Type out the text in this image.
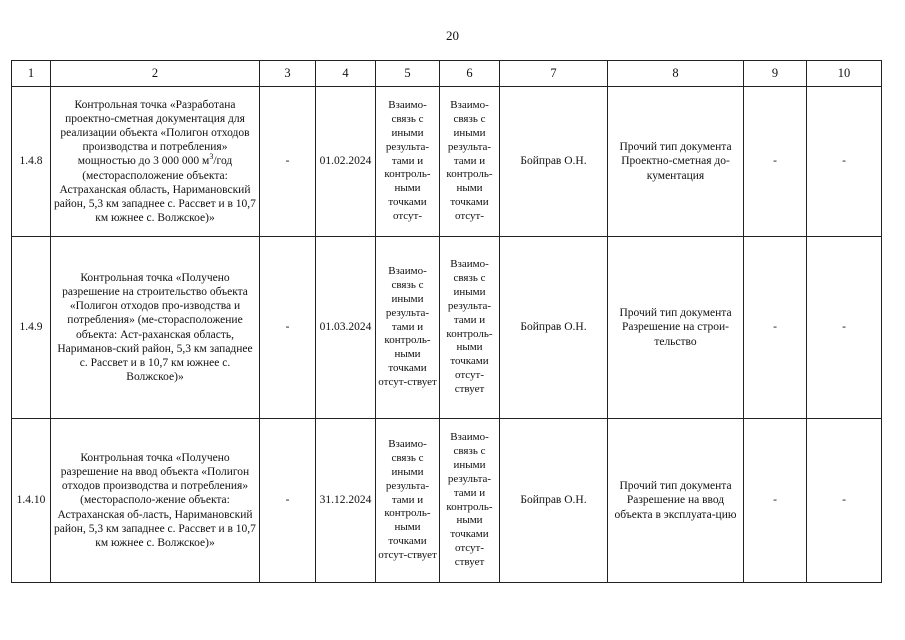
20
1	2	3	4	5	6	7	8	9	10
1.4.8	Контрольная точка «Разработана проектно-сметная документация для реализации объекта «Полигон отходов производства и потребления» мощностью до 3 000 000 $м^3$/год (месторасположение объекта: Астраханская область, Наримановский район, 5,3 км западнее с. Рассвет и в 10,7 км южнее с. Волжское)»	-	01.02.2024	Взаимо-связь с иными результа-тами и контроль-ными точками отсут-	Взаимо-связь с иными результа-тами и контроль-ными точками отсут-	Бойправ О.Н.	Прочий тип документа Проектно-сметная до-кументация	-	-
1.4.9	Контрольная точка «Получено разрешение на строительство объекта «Полигон отходов про-изводства и потребления» (ме-сторасположение объекта: Аст-раханская область, Нариманов-ский район, 5,3 км западнее с. Рассвет и в 10,7 км южнее с. Волжское)»	-	01.03.2024	Взаимо-связь с иными результа-тами и контроль-ными точками отсут-ствует	Взаимо-связь с иными результа-тами и контроль-ными точками отсут-ствует	Бойправ О.Н.	Прочий тип документа Разрешение на строи-тельство	-	-
1.4.10	Контрольная точка «Получено разрешение на ввод объекта «Полигон отходов производства и потребления» (месторасполо-жение объекта: Астраханская об-ласть, Наримановский район, 5,3 км западнее с. Рассвет и в 10,7 км южнее с. Волжское)»	-	31.12.2024	Взаимо-связь с иными результа-тами и контроль-ными точками отсут-ствует	Взаимо-связь с иными результа-тами и контроль-ными точками отсут-ствует	Бойправ О.Н.	Прочий тип документа Разрешение на ввод объекта в эксплуата-цию	-	-
